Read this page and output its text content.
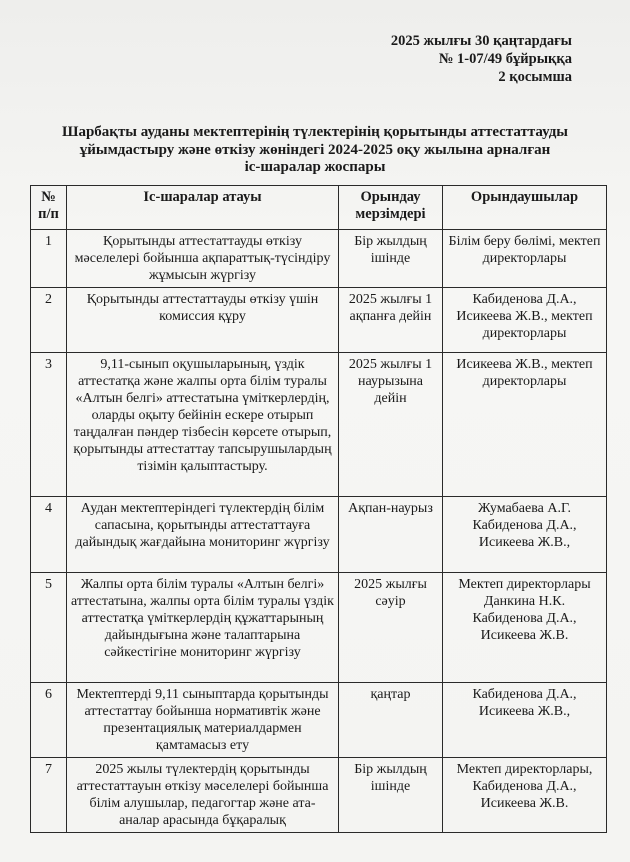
2025 жылғы 30 қаңтардағы
№ 1-07/49 бұйрыққа
2 қосымша
Шарбақты ауданы мектептерінің түлектерінің қорытынды аттестаттауды
ұйымдастыру және өткізу жөніндегі 2024-2025 оқу жылына арналған
іс-шаралар жоспары
№ п/п	Іс-шаралар атауы	Орындау мерзімдері	Орындаушылар
1	Қорытынды аттестаттауды өткізу мәселелері бойынша ақпараттық-түсіндіру жұмысын жүргізу	Бір жылдың ішінде	Білім беру бөлімі, мектеп директорлары
2	Қорытынды аттестаттауды өткізу үшін комиссия құру	2025 жылғы 1 ақпанға дейін	Кабиденова Д.А., Исикеева Ж.В., мектеп директорлары
3	9,11-сынып оқушыларының, үздік аттестатқа және жалпы орта білім туралы «Алтын белгі» аттестатына үміткерлердің, оларды оқыту бейінін ескере отырып таңдалған пәндер тізбесін көрсете отырып, қорытынды аттестаттау тапсырушылардың тізімін қалыптастыру.	2025 жылғы 1 наурызына дейін	Исикеева Ж.В., мектеп директорлары
4	Аудан мектептеріндегі түлектердің білім сапасына, қорытынды аттестаттауға дайындық жағдайына мониторинг жүргізу	Ақпан-наурыз	Жумабаева А.Г. Кабиденова Д.А., Исикеева Ж.В.,
5	Жалпы орта білім туралы «Алтын белгі» аттестатына, жалпы орта білім туралы үздік аттестатқа үміткерлердің құжаттарының дайындығына және талаптарына сәйкестігіне мониторинг жүргізу	2025 жылғы сәуір	Мектеп директорлары Данкина Н.К. Кабиденова Д.А., Исикеева Ж.В.
6	Мектептерді 9,11 сыныптарда қорытынды аттестаттау бойынша нормативтік және презентациялық материалдармен қамтамасыз ету	қаңтар	Кабиденова Д.А., Исикеева Ж.В.,
7	2025 жылы түлектердің қорытынды аттестаттауын өткізу мәселелері бойынша білім алушылар, педагогтар және ата-аналар арасында бұқаралық	Бір жылдың ішінде	Мектеп директорлары, Кабиденова Д.А., Исикеева Ж.В.
